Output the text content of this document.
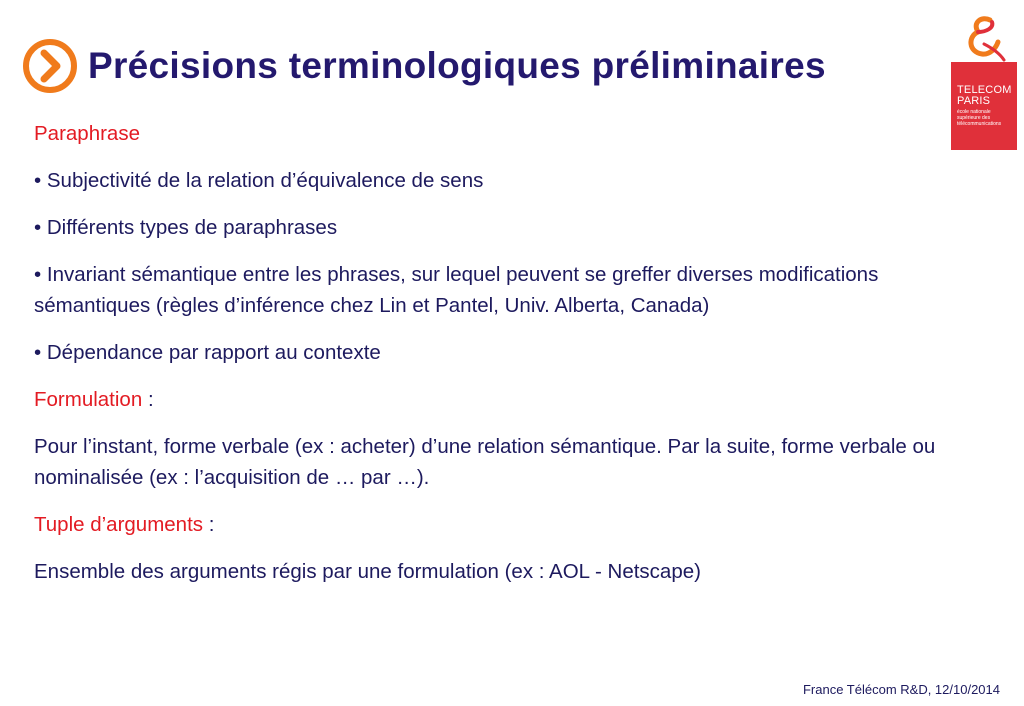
Précisions terminologiques préliminaires
TELECOM
PARIS
école nationale supérieure des télécommunications

Paraphrase

• Subjectivité de la relation d’équivalence de sens

• Différents types de paraphrases

• Invariant sémantique entre les phrases, sur lequel peuvent se greffer diverses modifications sémantiques (règles d’inférence chez Lin et Pantel, Univ. Alberta, Canada)

• Dépendance par rapport au contexte

Formulation :

Pour l’instant, forme verbale (ex : acheter) d’une relation sémantique. Par la suite, forme verbale ou nominalisée (ex : l’acquisition de … par …).

Tuple d’arguments :

Ensemble des arguments régis par une formulation (ex : AOL - Netscape)

France Télécom R&D, 12/10/2014
